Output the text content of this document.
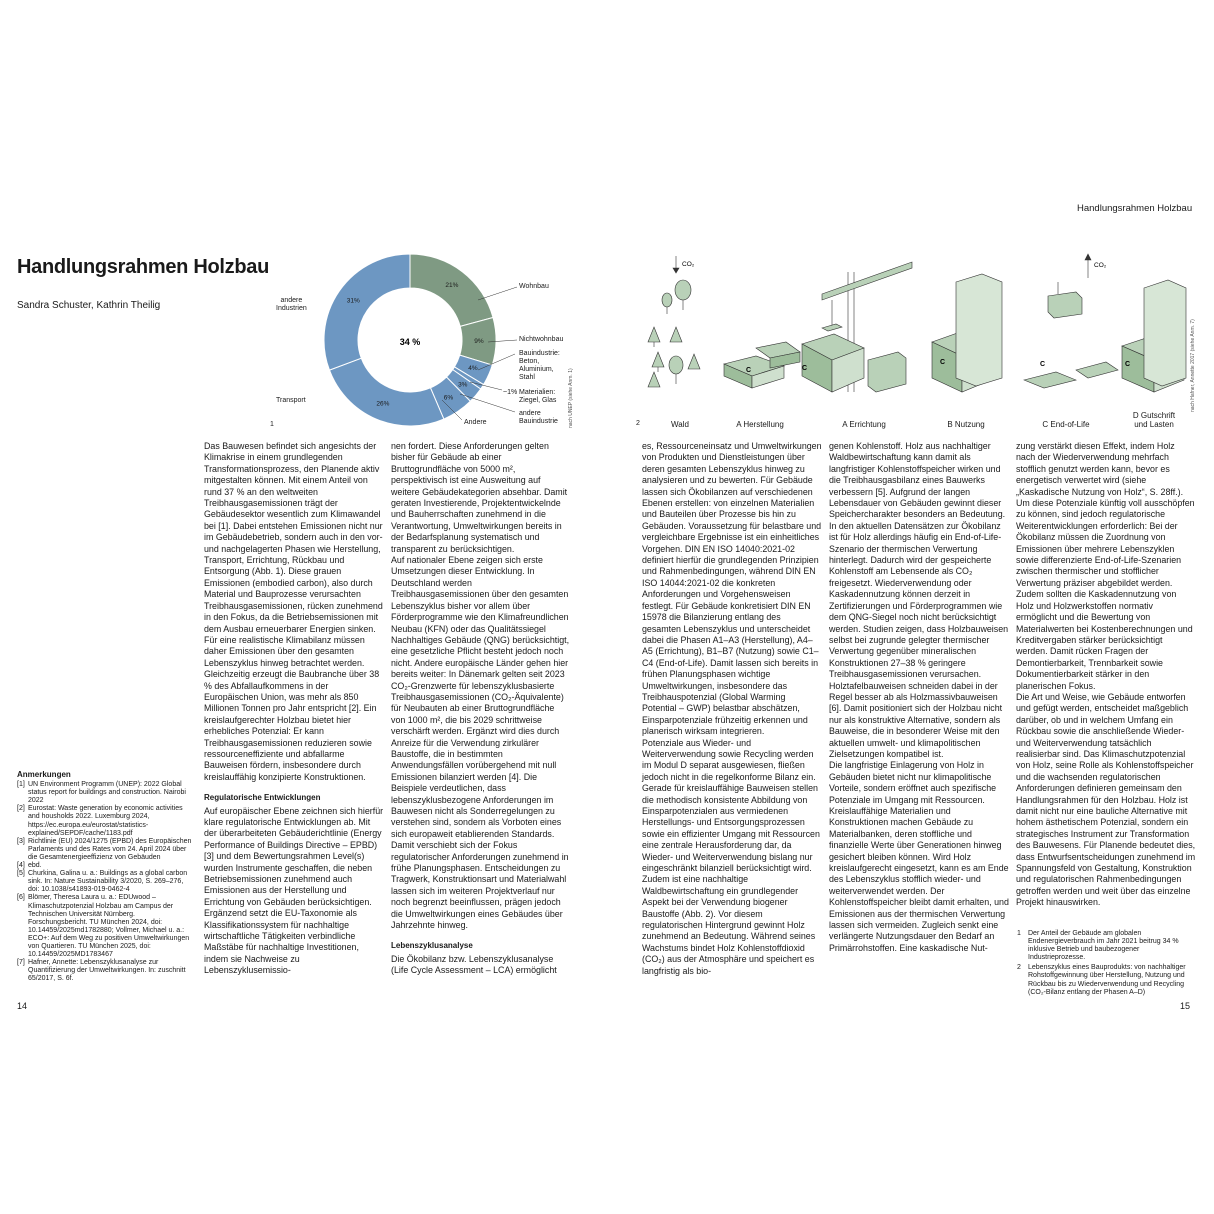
Handlungsrahmen Holzbau
Sandra Schuster, Kathrin Theilig
Handlungsrahmen Holzbau
34 %
21%
9%
4%
3%
6%
26%
31%
Wohnbau
Nichtwohnbau
Bauindustrie:
Beton,
Aluminium,
Stahl
~1% Materialien:
Ziegel, Glas
andere
Bauindustrie
Andere
Transport
andere
Industrien
1	nach UNEP (siehe Anm. 1)
CO₂	CO₂
C	C
C	C	C
2	Wald	A Herstellung	A Errichtung	B Nutzung	C End-of-Life
D Gutschrift
und Lasten
nach Hafner, Annette 2017 (siehe Anm. 7)

Das Bauwesen befindet sich angesichts der Klimakrise in einem grundlegenden Transformationsprozess, den Planende aktiv mitgestalten können. Mit einem Anteil von rund 37 % an den weltweiten Treibhausgasemissionen trägt der Gebäudesektor wesentlich zum Klimawandel bei [1]. Dabei entstehen Emissionen nicht nur im Gebäudebetrieb, sondern auch in den vor- und nachgelagerten Phasen wie Herstellung, Transport, Errichtung, Rückbau und Entsorgung (Abb. 1). Diese grauen Emissionen (embodied carbon), also durch Material und Bauprozesse verursachten Treibhausgasemissionen, rücken zunehmend in den Fokus, da die Betriebsemissionen mit dem Ausbau erneuerbarer Energien sinken. Für eine realistische Klimabilanz müssen daher Emissionen über den gesamten Lebenszyklus hinweg betrachtet werden. Gleichzeitig erzeugt die Baubranche über 38 % des Abfallaufkommens in der Europäischen Union, was mehr als 850 Millionen Tonnen pro Jahr entspricht [2]. Ein kreislaufgerechter Holzbau bietet hier erhebliches Potenzial: Er kann Treibhausgasemissionen reduzieren sowie ressourceneffiziente und abfallarme Bauweisen fördern, insbesondere durch kreislauffähig konzipierte Konstruktionen.

Regulatorische Entwicklungen

Auf europäischer Ebene zeichnen sich hierfür klare regulatorische Entwicklungen ab. Mit der überarbeiteten Gebäuderichtlinie (Energy Performance of Buildings Directive – EPBD) [3] und dem Bewertungsrahmen Level(s) wurden Instrumente geschaffen, die neben Betriebsemissionen zunehmend auch Emissionen aus der Herstellung und Errichtung von Gebäuden berücksichtigen.
Ergänzend setzt die EU-Taxonomie als Klassifikationssystem für nachhaltige wirtschaftliche Tätigkeiten verbindliche Maßstäbe für nachhaltige Investitionen, indem sie Nachweise zu Lebenszyklusemissio-

nen fordert. Diese Anforderungen gelten bisher für Gebäude ab einer Bruttogrundfläche von 5000 m², perspektivisch ist eine Ausweitung auf weitere Gebäudekategorien absehbar. Damit geraten Investierende, Projektentwickelnde und Bauherrschaften zunehmend in die Verantwortung, Umweltwirkungen bereits in der Bedarfsplanung systematisch und transparent zu berücksichtigen.
Auf nationaler Ebene zeigen sich erste Umsetzungen dieser Entwicklung. In Deutschland werden Treibhausgasemissionen über den gesamten Lebenszyklus bisher vor allem über Förderprogramme wie den Klimafreundlichen Neubau (KFN) oder das Qualitätssiegel Nachhaltiges Gebäude (QNG) berücksichtigt, eine gesetzliche Pflicht besteht jedoch noch nicht. Andere europäische Länder gehen hier bereits weiter: In Dänemark gelten seit 2023 CO₂-Grenzwerte für lebenszyklusbasierte Treibhausgasemissionen (CO₂-Äquivalente) für Neubauten ab einer Bruttogrundfläche von 1000 m², die bis 2029 schrittweise verschärft werden. Ergänzt wird dies durch Anreize für die Verwendung zirkulärer Baustoffe, die in bestimmten Anwendungsfällen vorübergehend mit null Emissionen bilanziert werden [4]. Die Beispiele verdeutlichen, dass lebenszyklusbezogene Anforderungen im Bauwesen nicht als Sonderregelungen zu verstehen sind, sondern als Vorboten eines sich europaweit etablierenden Standards. Damit verschiebt sich der Fokus regulatorischer Anforderungen zunehmend in frühe Planungsphasen. Entscheidungen zu Tragwerk, Konstruktionsart und Materialwahl lassen sich im weiteren Projektverlauf nur noch begrenzt beeinflussen, prägen jedoch die Umweltwirkungen eines Gebäudes über Jahrzehnte hinweg.

Lebenszyklusanalyse

Die Ökobilanz bzw. Lebenszyklusanalyse (Life Cycle Assessment – LCA) ermöglicht

es, Ressourceneinsatz und Umweltwirkungen von Produkten und Dienstleistungen über deren gesamten Lebenszyklus hinweg zu analysieren und zu bewerten. Für Gebäude lassen sich Ökobilanzen auf verschiedenen Ebenen erstellen: von einzelnen Materialien und Bauteilen über Prozesse bis hin zu Gebäuden. Voraussetzung für belastbare und vergleichbare Ergebnisse ist ein einheitliches Vorgehen. DIN EN ISO 14040:2021-02 definiert hierfür die grundlegenden Prinzipien und Rahmenbedingungen, während DIN EN ISO 14044:2021-02 die konkreten Anforderungen und Vorgehensweisen festlegt. Für Gebäude konkretisiert DIN EN 15978 die Bilanzierung entlang des gesamten Lebenszyklus und unterscheidet dabei die Phasen A1–A3 (Herstellung), A4–A5 (Errichtung), B1–B7 (Nutzung) sowie C1–C4 (End-of-Life). Damit lassen sich bereits in frühen Planungsphasen wichtige Umweltwirkungen, insbesondere das Treibhauspotenzial (Global Warming Potential – GWP) belastbar abschätzen, Einsparpotenziale frühzeitig erkennen und planerisch wirksam integrieren.
Potenziale aus Wieder- und Weiterverwendung sowie Recycling werden im Modul D separat ausgewiesen, fließen jedoch nicht in die regelkonforme Bilanz ein. Gerade für kreislauffähige Bauweisen stellen die methodisch konsistente Abbildung von Einsparpotenzialen aus vermiedenen Herstellungs- und Entsorgungsprozessen sowie ein effizienter Umgang mit Ressourcen eine zentrale Herausforderung dar, da Wieder- und Weiterverwendung bislang nur eingeschränkt bilanziell berücksichtigt wird. Zudem ist eine nachhaltige Waldbewirtschaftung ein grundlegender Aspekt bei der Verwendung biogener Baustoffe (Abb. 2). Vor diesem regulatorischen Hintergrund gewinnt Holz zunehmend an Bedeutung. Während seines Wachstums bindet Holz Kohlenstoffdioxid (CO₂) aus der Atmosphäre und speichert es langfristig als bio-

genen Kohlenstoff. Holz aus nachhaltiger Waldbewirtschaftung kann damit als langfristiger Kohlenstoffspeicher wirken und die Treibhausgasbilanz eines Bauwerks verbessern [5]. Aufgrund der langen Lebensdauer von Gebäuden gewinnt dieser Speichercharakter besonders an Bedeutung.
In den aktuellen Datensätzen zur Ökobilanz ist für Holz allerdings häufig ein End-of-Life-Szenario der thermischen Verwertung hinterlegt. Dadurch wird der gespeicherte Kohlenstoff am Lebensende als CO₂ freigesetzt. Wiederverwendung oder Kaskadennutzung können derzeit in Zertifizierungen und Förderprogrammen wie dem QNG-Siegel noch nicht berücksichtigt werden. Studien zeigen, dass Holzbauweisen selbst bei zugrunde gelegter thermischer Verwertung gegenüber mineralischen Konstruktionen 27–38 % geringere Treibhausgasemissionen verursachen. Holztafelbauweisen schneiden dabei in der Regel besser ab als Holzmassivbauweisen [6]. Damit positioniert sich der Holzbau nicht nur als konstruktive Alternative, sondern als Bauweise, die in besonderer Weise mit den aktuellen umwelt- und klimapolitischen Zielsetzungen kompatibel ist.
Die langfristige Einlagerung von Holz in Gebäuden bietet nicht nur klimapolitische Vorteile, sondern eröffnet auch spezifische Potenziale im Umgang mit Ressourcen. Kreislauffähige Materialien und Konstruktionen machen Gebäude zu Materialbanken, deren stoffliche und finanzielle Werte über Generationen hinweg gesichert bleiben können. Wird Holz kreislaufgerecht eingesetzt, kann es am Ende des Lebenszyklus stofflich wieder- und weiterverwendet werden. Der Kohlenstoffspeicher bleibt damit erhalten, und Emissionen aus der thermischen Verwertung lassen sich vermeiden. Zugleich senkt eine verlängerte Nutzungsdauer den Bedarf an Primärrohstoffen. Eine kaskadische Nut-

zung verstärkt diesen Effekt, indem Holz nach der Wiederverwendung mehrfach stofflich genutzt werden kann, bevor es energetisch verwertet wird (siehe „Kaskadische Nutzung von Holz“, S. 28ff.).
Um diese Potenziale künftig voll ausschöpfen zu können, sind jedoch regulatorische Weiterentwicklungen erforderlich: Bei der Ökobilanz müssen die Zuordnung von Emissionen über mehrere Lebenszyklen sowie differenzierte End-of-Life-Szenarien zwischen thermischer und stofflicher Verwertung präziser abgebildet werden. Zudem sollten die Kaskadennutzung von Holz und Holzwerkstoffen normativ ermöglicht und die Bewertung von Materialwerten bei Kostenberechnungen und Kreditvergaben stärker berücksichtigt werden. Damit rücken Fragen der Demontierbarkeit, Trennbarkeit sowie Dokumentierbarkeit stärker in den planerischen Fokus.
Die Art und Weise, wie Gebäude entworfen und gefügt werden, entscheidet maßgeblich darüber, ob und in welchem Umfang ein Rückbau sowie die anschließende Wieder- und Weiterverwendung tatsächlich realisierbar sind. Das Klimaschutzpotenzial von Holz, seine Rolle als Kohlenstoffspeicher und die wachsenden regulatorischen Anforderungen definieren gemeinsam den Handlungsrahmen für den Holzbau. Holz ist damit nicht nur eine bauliche Alternative mit hohem ästhetischem Potenzial, sondern ein strategisches Instrument zur Transformation des Bauwesens. Für Planende bedeutet dies, dass Entwurfsentscheidungen zunehmend im Spannungsfeld von Gestaltung, Konstruktion und regulatorischen Rahmenbedingungen getroffen werden und weit über das einzelne Projekt hinauswirken.

Anmerkungen
[1] UN Environment Programm (UNEP): 2022 Global status report for buildings and construction. Nairobi 2022
[2] Eurostat: Waste generation by economic activities and housholds 2022. Luxemburg 2024, https://ec.europa.eu/eurostat/statistics-explained/SEPDF/cache/1183.pdf
[3] Richtlinie (EU) 2024/1275 (EPBD) des Europäischen Parlaments und des Rates vom 24. April 2024 über die Gesamtenergieeffizienz von Gebäuden
[4] ebd.
[5] Churkina, Galina u. a.: Buildings as a global carbon sink. In: Nature Sustainability 3/2020, S. 269–276, doi: 10.1038/s41893-019-0462-4
[6] Blömer, Theresa Laura u. a.: EDUwood – Klimaschutzpotenzial Holzbau am Campus der Technischen Universität Nürnberg. Forschungsbericht. TU München 2024, doi: 10.14459/2025md1782880; Vollmer, Michael u. a.: ECO+: Auf dem Weg zu positiven Umweltwirkungen von Quartieren. TU München 2025, doi: 10.14459/2025MD1783467
[7] Hafner, Annette: Lebenszyklusanalyse zur Quantifizierung der Umweltwirkungen. In: zuschnitt 65/2017, S. 6f.
1	Der Anteil der Gebäude am globalen Endenergieverbrauch im Jahr 2021 beitrug 34 % inklusive Betrieb und baubezogener Industrieprozesse.
2	Lebenszyklus eines Bauprodukts: von nachhaltiger Rohstoffgewinnung über Herstellung, Nutzung und Rückbau bis zu Wiederverwendung und Recycling (CO₂-Bilanz entlang der Phasen A–D)
14	15
